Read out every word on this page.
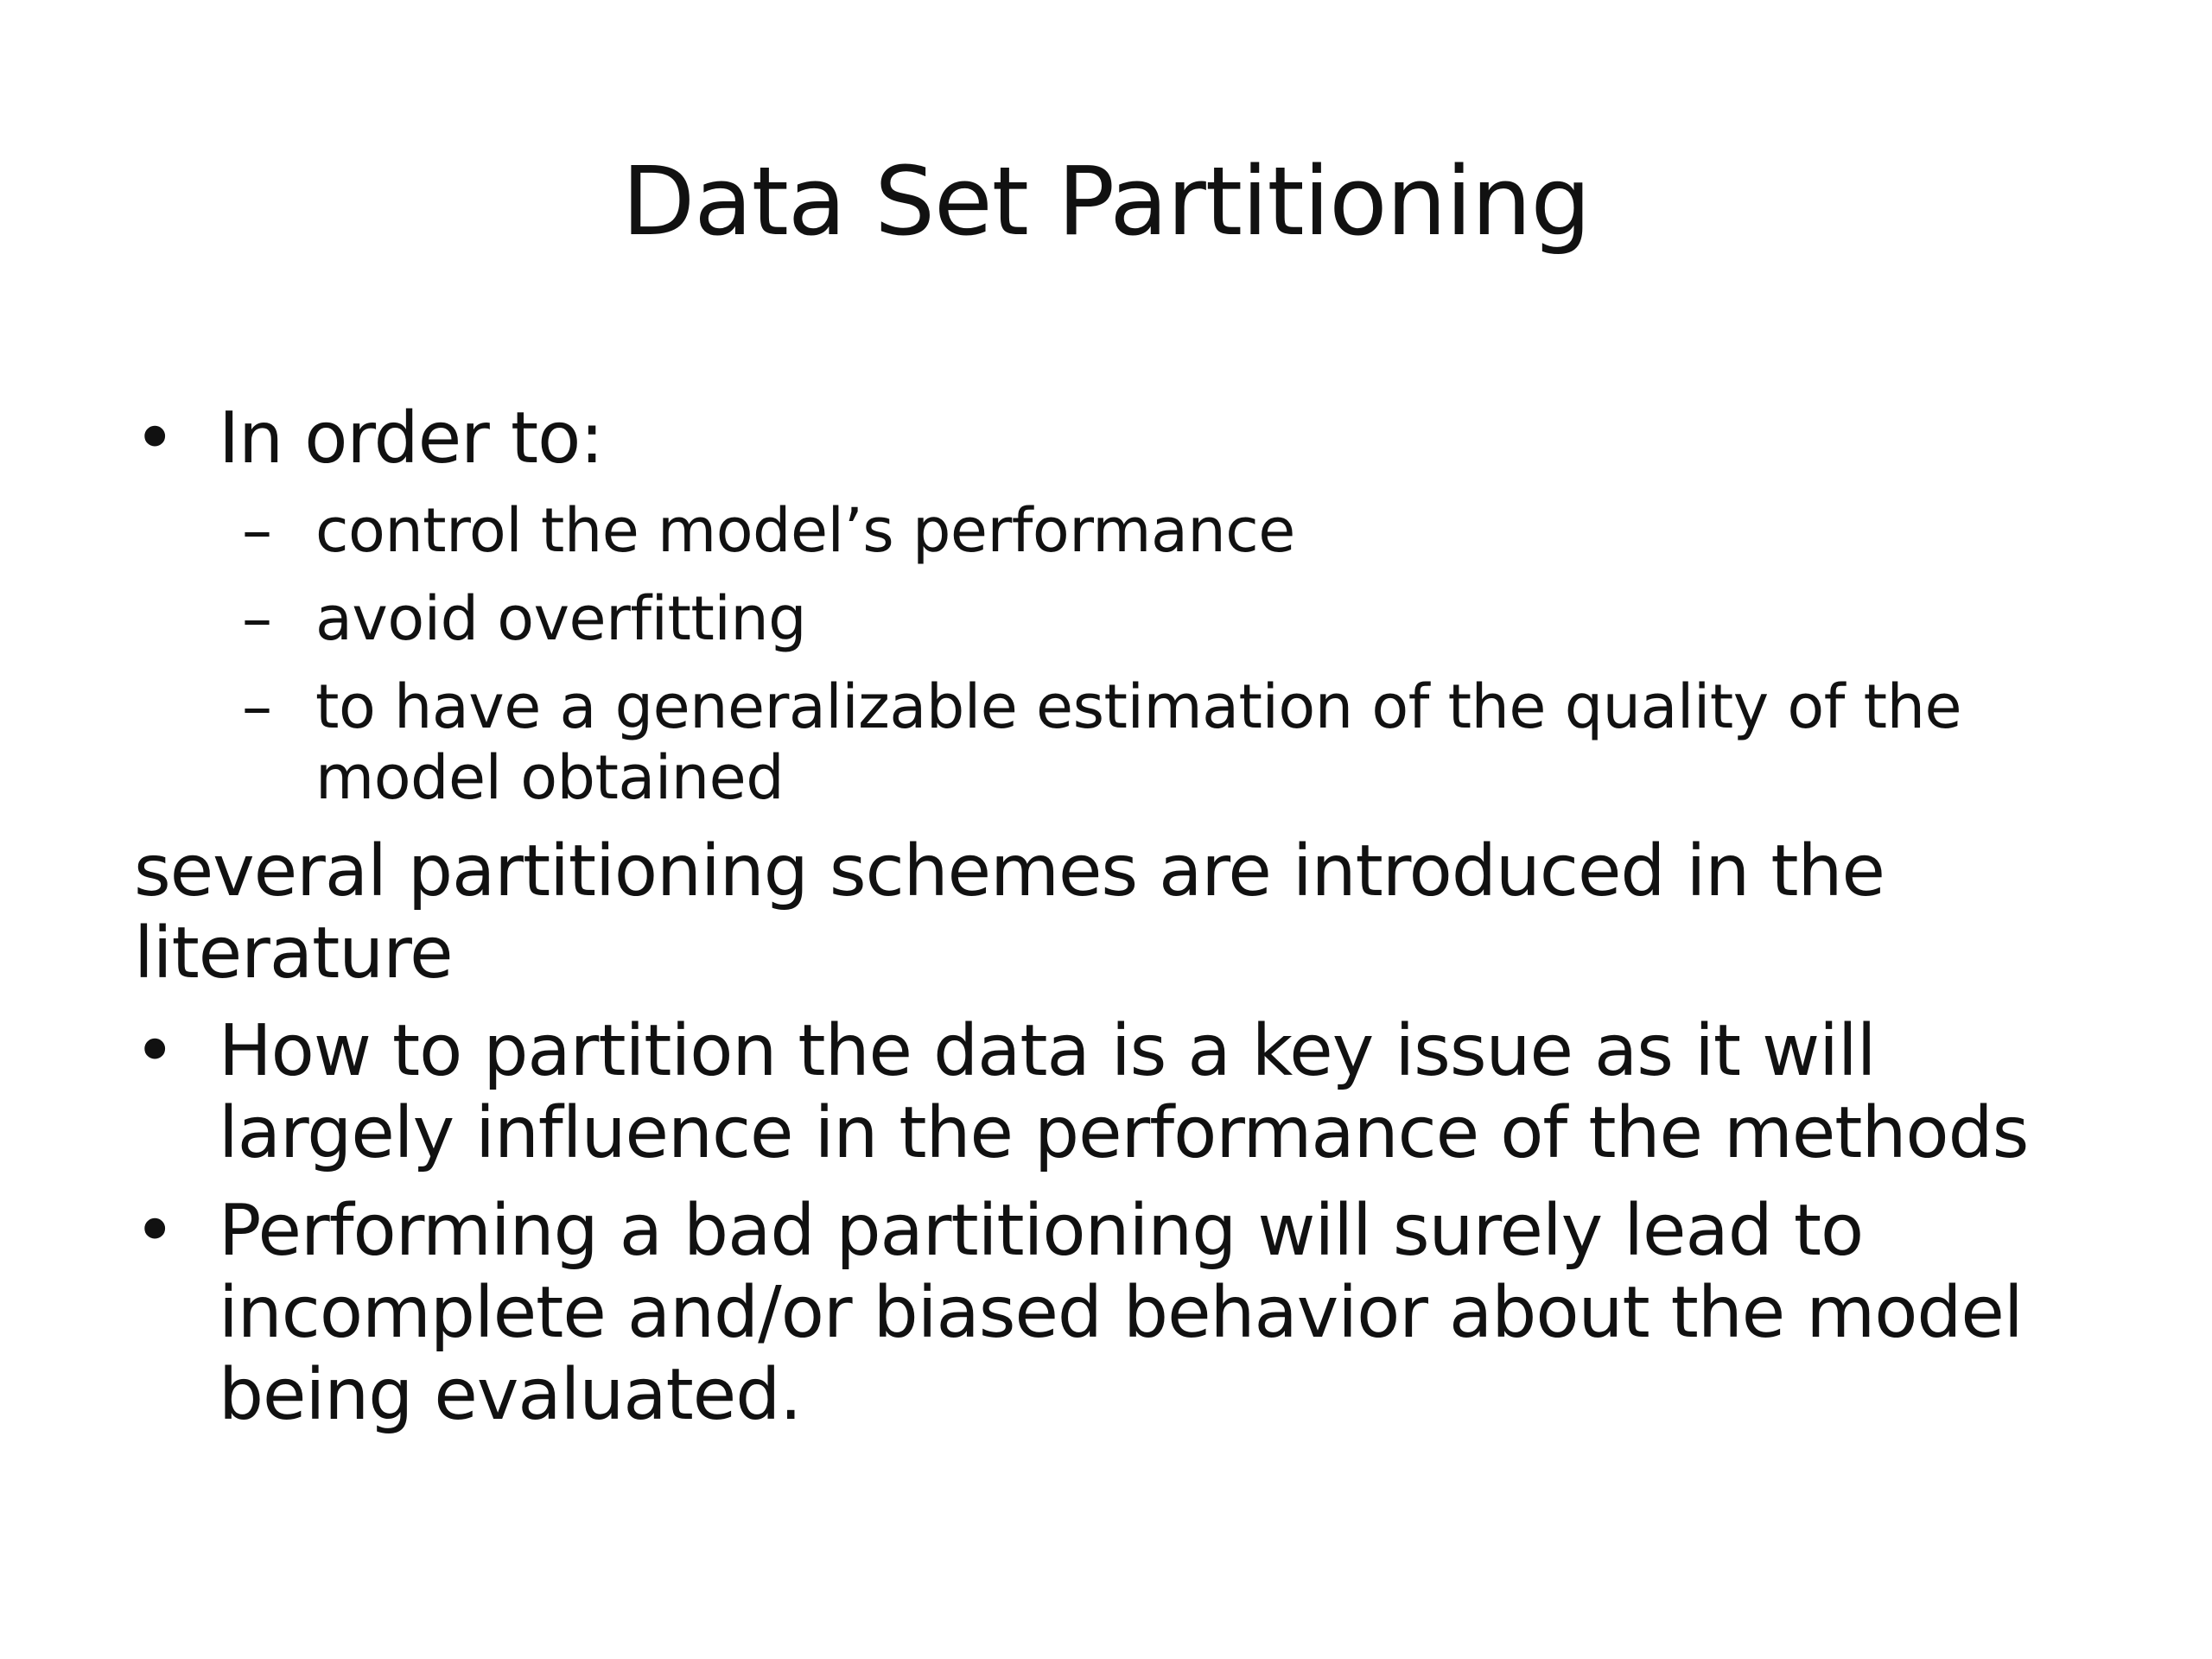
Data Set Partitioning
• In order to:
– control the model’s performance
– avoid overfitting
– to have a generalizable estimation of the quality of the model obtained
several partitioning schemes are introduced in the literature
• How to partition the data is a key issue as it will largely influence in the performance of the methods
• Performing a bad partitioning will surely lead to incomplete and/or biased behavior about the model being evaluated.
